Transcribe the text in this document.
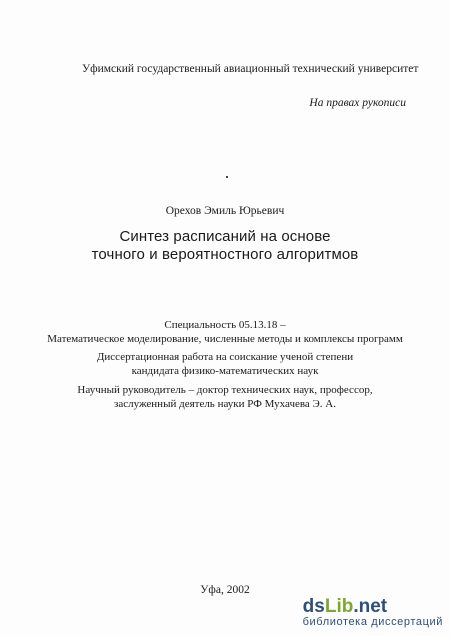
Уфимский государственный авиационный технический университет
На правах рукописи
Орехов Эмиль Юрьевич
Синтез расписаний на основе
точного и вероятностного алгоритмов
Специальность 05.13.18 –
Математическое моделирование, численные методы и комплексы программ
Диссертационная работа на соискание ученой степени
кандидата физико-математических наук
Научный руководитель – доктор технических наук, профессор,
заслуженный деятель науки РФ Мухачева Э. А.
Уфа, 2002
dsLib.net
библиотека диссертаций
